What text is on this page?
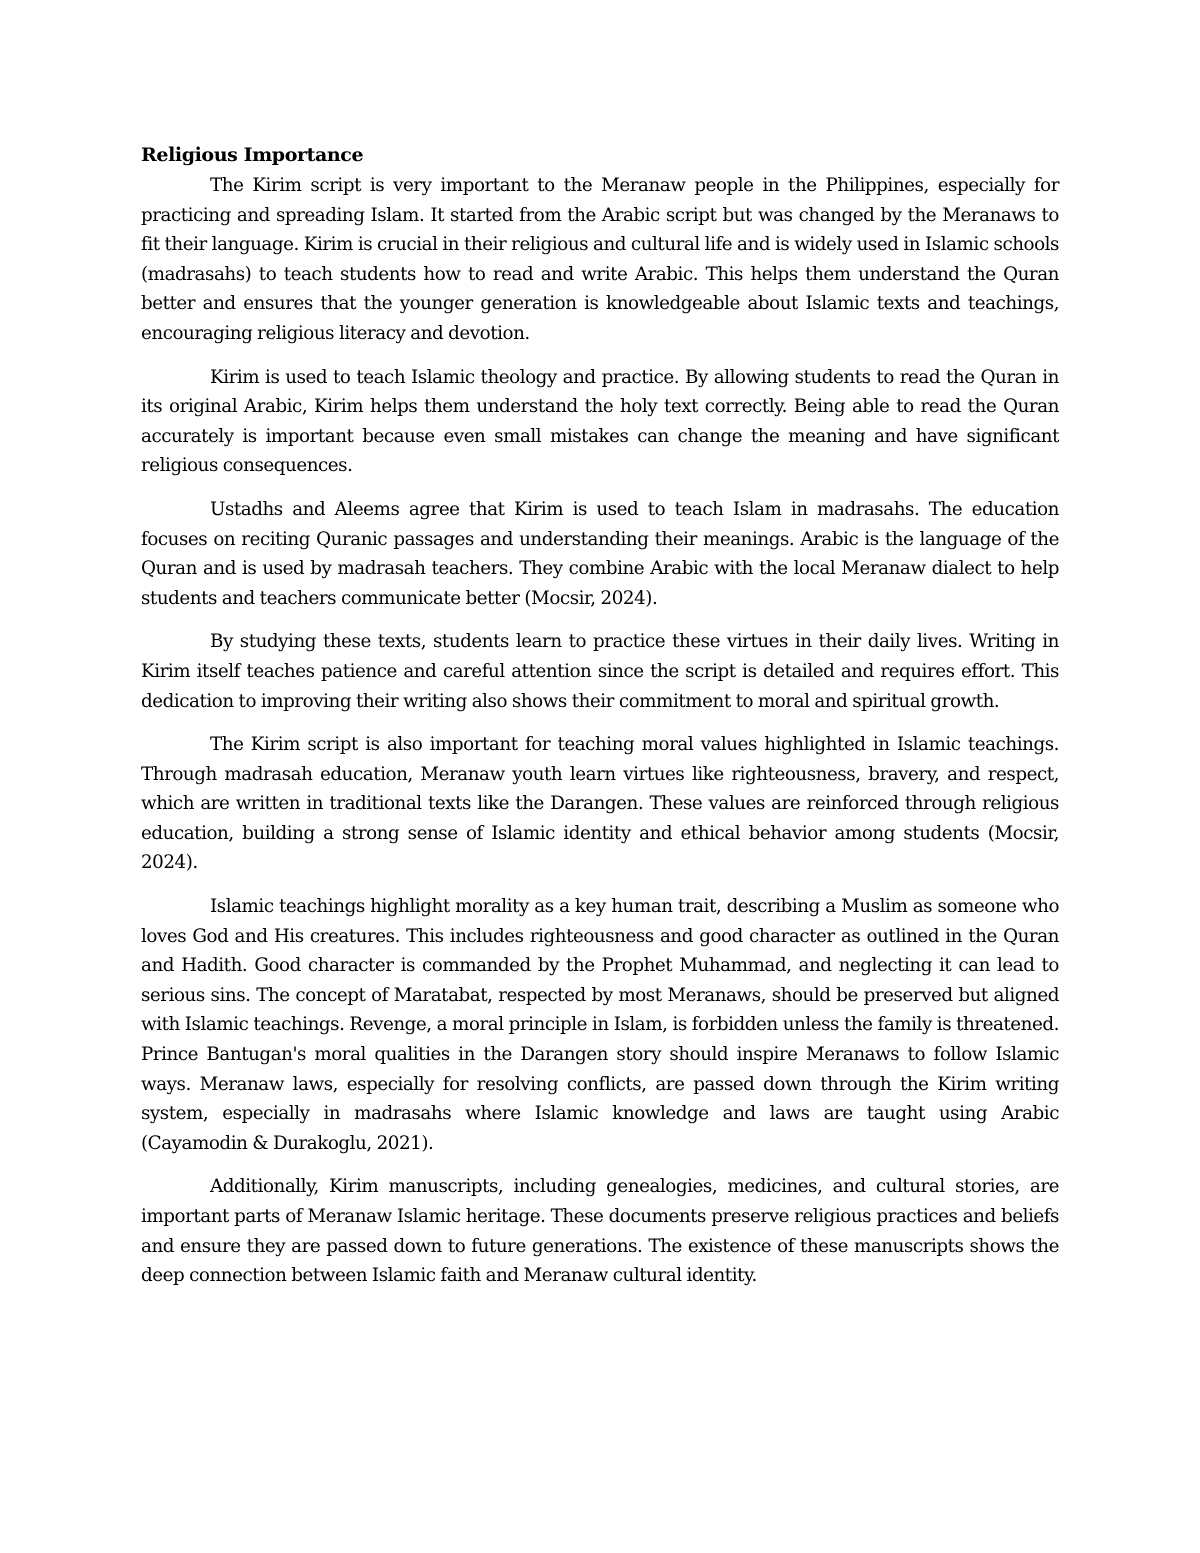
Religious Importance

The Kirim script is very important to the Meranaw people in the Philippines, especially for practicing and spreading Islam. It started from the Arabic script but was changed by the Meranaws to fit their language. Kirim is crucial in their religious and cultural life and is widely used in Islamic schools (madrasahs) to teach students how to read and write Arabic. This helps them understand the Quran better and ensures that the younger generation is knowledgeable about Islamic texts and teachings, encouraging religious literacy and devotion.

Kirim is used to teach Islamic theology and practice. By allowing students to read the Quran in its original Arabic, Kirim helps them understand the holy text correctly. Being able to read the Quran accurately is important because even small mistakes can change the meaning and have significant religious consequences.

Ustadhs and Aleems agree that Kirim is used to teach Islam in madrasahs. The education focuses on reciting Quranic passages and understanding their meanings. Arabic is the language of the Quran and is used by madrasah teachers. They combine Arabic with the local Meranaw dialect to help students and teachers communicate better (Mocsir, 2024).

By studying these texts, students learn to practice these virtues in their daily lives. Writing in Kirim itself teaches patience and careful attention since the script is detailed and requires effort. This dedication to improving their writing also shows their commitment to moral and spiritual growth.

The Kirim script is also important for teaching moral values highlighted in Islamic teachings. Through madrasah education, Meranaw youth learn virtues like righteousness, bravery, and respect, which are written in traditional texts like the Darangen. These values are reinforced through religious education, building a strong sense of Islamic identity and ethical behavior among students (Mocsir, 2024).

Islamic teachings highlight morality as a key human trait, describing a Muslim as someone who loves God and His creatures. This includes righteousness and good character as outlined in the Quran and Hadith. Good character is commanded by the Prophet Muhammad, and neglecting it can lead to serious sins. The concept of Maratabat, respected by most Meranaws, should be preserved but aligned with Islamic teachings. Revenge, a moral principle in Islam, is forbidden unless the family is threatened. Prince Bantugan's moral qualities in the Darangen story should inspire Meranaws to follow Islamic ways. Meranaw laws, especially for resolving conflicts, are passed down through the Kirim writing system, especially in madrasahs where Islamic knowledge and laws are taught using Arabic (Cayamodin & Durakoglu, 2021).

Additionally, Kirim manuscripts, including genealogies, medicines, and cultural stories, are important parts of Meranaw Islamic heritage. These documents preserve religious practices and beliefs and ensure they are passed down to future generations. The existence of these manuscripts shows the deep connection between Islamic faith and Meranaw cultural identity.
